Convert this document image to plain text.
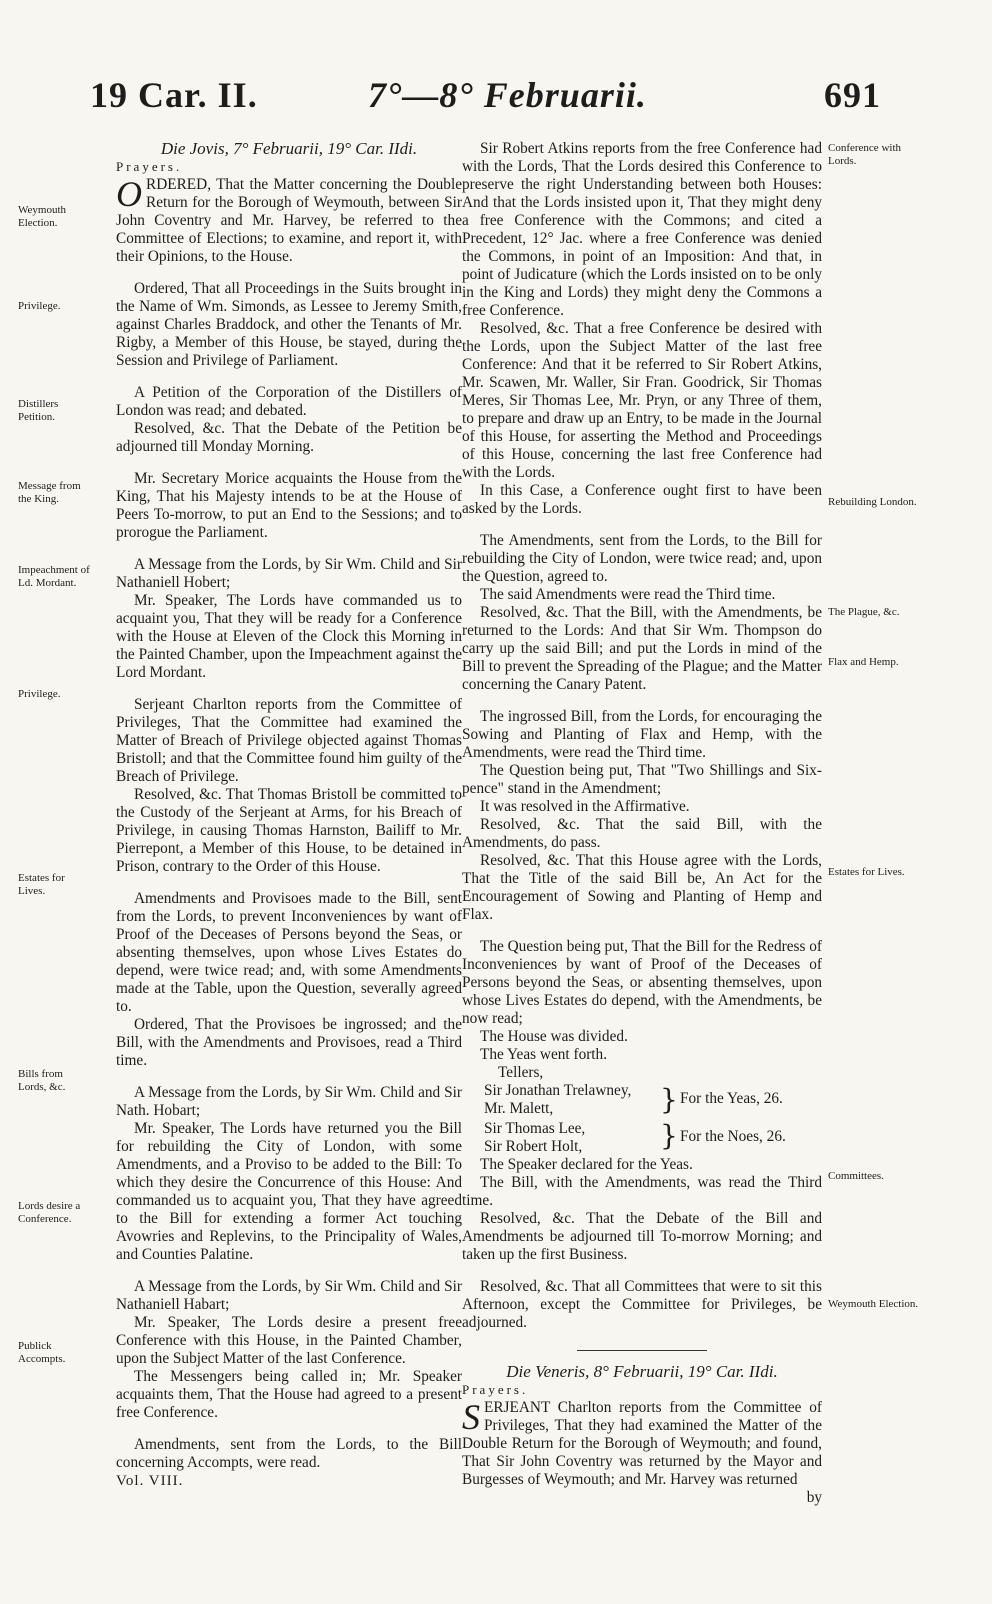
19 Car. II.	7°—8° Februarii.	691
Weymouth Election.
Privilege.
Distillers Petition.
Message from the King.
Impeachment of Ld. Mordant.
Privilege.
Estates for Lives.
Bills from Lords, &c.
Lords desire a Conference.
Publick Accompts.
Conference with Lords.
Rebuilding London.
The Plague, &c.
Flax and Hemp.
Estates for Lives.
Committees.
Weymouth Election.

Die Jovis, 7° Februarii, 19° Car. IIdi.

Prayers.

ORDERED, That the Matter concerning the Double Return for the Borough of Weymouth, between Sir John Coventry and Mr. Harvey, be referred to the Committee of Elections; to examine, and report it, with their Opinions, to the House.

Ordered, That all Proceedings in the Suits brought in the Name of Wm. Simonds, as Lessee to Jeremy Smith, against Charles Braddock, and other the Tenants of Mr. Rigby, a Member of this House, be stayed, during the Session and Privilege of Parliament.

A Petition of the Corporation of the Distillers of London was read; and debated.

Resolved, &c. That the Debate of the Petition be adjourned till Monday Morning.

Mr. Secretary Morice acquaints the House from the King, That his Majesty intends to be at the House of Peers To-morrow, to put an End to the Sessions; and to prorogue the Parliament.

A Message from the Lords, by Sir Wm. Child and Sir Nathaniell Hobert;

Mr. Speaker, The Lords have commanded us to acquaint you, That they will be ready for a Conference with the House at Eleven of the Clock this Morning in the Painted Chamber, upon the Impeachment against the Lord Mordant.

Serjeant Charlton reports from the Committee of Privileges, That the Committee had examined the Matter of Breach of Privilege objected against Thomas Bristoll; and that the Committee found him guilty of the Breach of Privilege.

Resolved, &c. That Thomas Bristoll be committed to the Custody of the Serjeant at Arms, for his Breach of Privilege, in causing Thomas Harnston, Bailiff to Mr. Pierrepont, a Member of this House, to be detained in Prison, contrary to the Order of this House.

Amendments and Provisoes made to the Bill, sent from the Lords, to prevent Inconveniences by want of Proof of the Deceases of Persons beyond the Seas, or absenting themselves, upon whose Lives Estates do depend, were twice read; and, with some Amendments made at the Table, upon the Question, severally agreed to.

Ordered, That the Provisoes be ingrossed; and the Bill, with the Amendments and Provisoes, read a Third time.

A Message from the Lords, by Sir Wm. Child and Sir Nath. Hobart;

Mr. Speaker, The Lords have returned you the Bill for rebuilding the City of London, with some Amendments, and a Proviso to be added to the Bill: To which they desire the Concurrence of this House: And commanded us to acquaint you, That they have agreed to the Bill for extending a former Act touching Avowries and Replevins, to the Principality of Wales, and Counties Palatine.

A Message from the Lords, by Sir Wm. Child and Sir Nathaniell Habart;

Mr. Speaker, The Lords desire a present free Conference with this House, in the Painted Chamber, upon the Subject Matter of the last Conference.

The Messengers being called in; Mr. Speaker acquaints them, That the House had agreed to a present free Conference.

Amendments, sent from the Lords, to the Bill concerning Accompts, were read.

Vol. VIII.

Sir Robert Atkins reports from the free Conference had with the Lords, That the Lords desired this Conference to preserve the right Understanding between both Houses: And that the Lords insisted upon it, That they might deny a free Conference with the Commons; and cited a Precedent, 12° Jac. where a free Conference was denied the Commons, in point of an Imposition: And that, in point of Judicature (which the Lords insisted on to be only in the King and Lords) they might deny the Commons a free Conference.

Resolved, &c. That a free Conference be desired with the Lords, upon the Subject Matter of the last free Conference: And that it be referred to Sir Robert Atkins, Mr. Scawen, Mr. Waller, Sir Fran. Goodrick, Sir Thomas Meres, Sir Thomas Lee, Mr. Pryn, or any Three of them, to prepare and draw up an Entry, to be made in the Journal of this House, for asserting the Method and Proceedings of this House, concerning the last free Conference had with the Lords.

In this Case, a Conference ought first to have been asked by the Lords.

The Amendments, sent from the Lords, to the Bill for rebuilding the City of London, were twice read; and, upon the Question, agreed to.

The said Amendments were read the Third time.

Resolved, &c. That the Bill, with the Amendments, be returned to the Lords: And that Sir Wm. Thompson do carry up the said Bill; and put the Lords in mind of the Bill to prevent the Spreading of the Plague; and the Matter concerning the Canary Patent.

The ingrossed Bill, from the Lords, for encouraging the Sowing and Planting of Flax and Hemp, with the Amendments, were read the Third time.

The Question being put, That "Two Shillings and Six-pence" stand in the Amendment;

It was resolved in the Affirmative.

Resolved, &c. That the said Bill, with the Amendments, do pass.

Resolved, &c. That this House agree with the Lords, That the Title of the said Bill be, An Act for the Encouragement of Sowing and Planting of Hemp and Flax.

The Question being put, That the Bill for the Redress of Inconveniences by want of Proof of the Deceases of Persons beyond the Seas, or absenting themselves, upon whose Lives Estates do depend, with the Amendments, be now read;

The House was divided.

The Yeas went forth.

Tellers,

Sir Jonathan Trelawney,
Mr. Malett,	} For the Yeas, 26.
Sir Thomas Lee,
Sir Robert Holt,	} For the Noes, 26.

The Speaker declared for the Yeas.

The Bill, with the Amendments, was read the Third time.

Resolved, &c. That the Debate of the Bill and Amendments be adjourned till To-morrow Morning; and taken up the first Business.

Resolved, &c. That all Committees that were to sit this Afternoon, except the Committee for Privileges, be adjourned.

Die Veneris, 8° Februarii, 19° Car. IIdi.

Prayers.

SERJEANT Charlton reports from the Committee of Privileges, That they had examined the Matter of the Double Return for the Borough of Weymouth; and found, That Sir John Coventry was returned by the Mayor and Burgesses of Weymouth; and Mr. Harvey was returned

by
